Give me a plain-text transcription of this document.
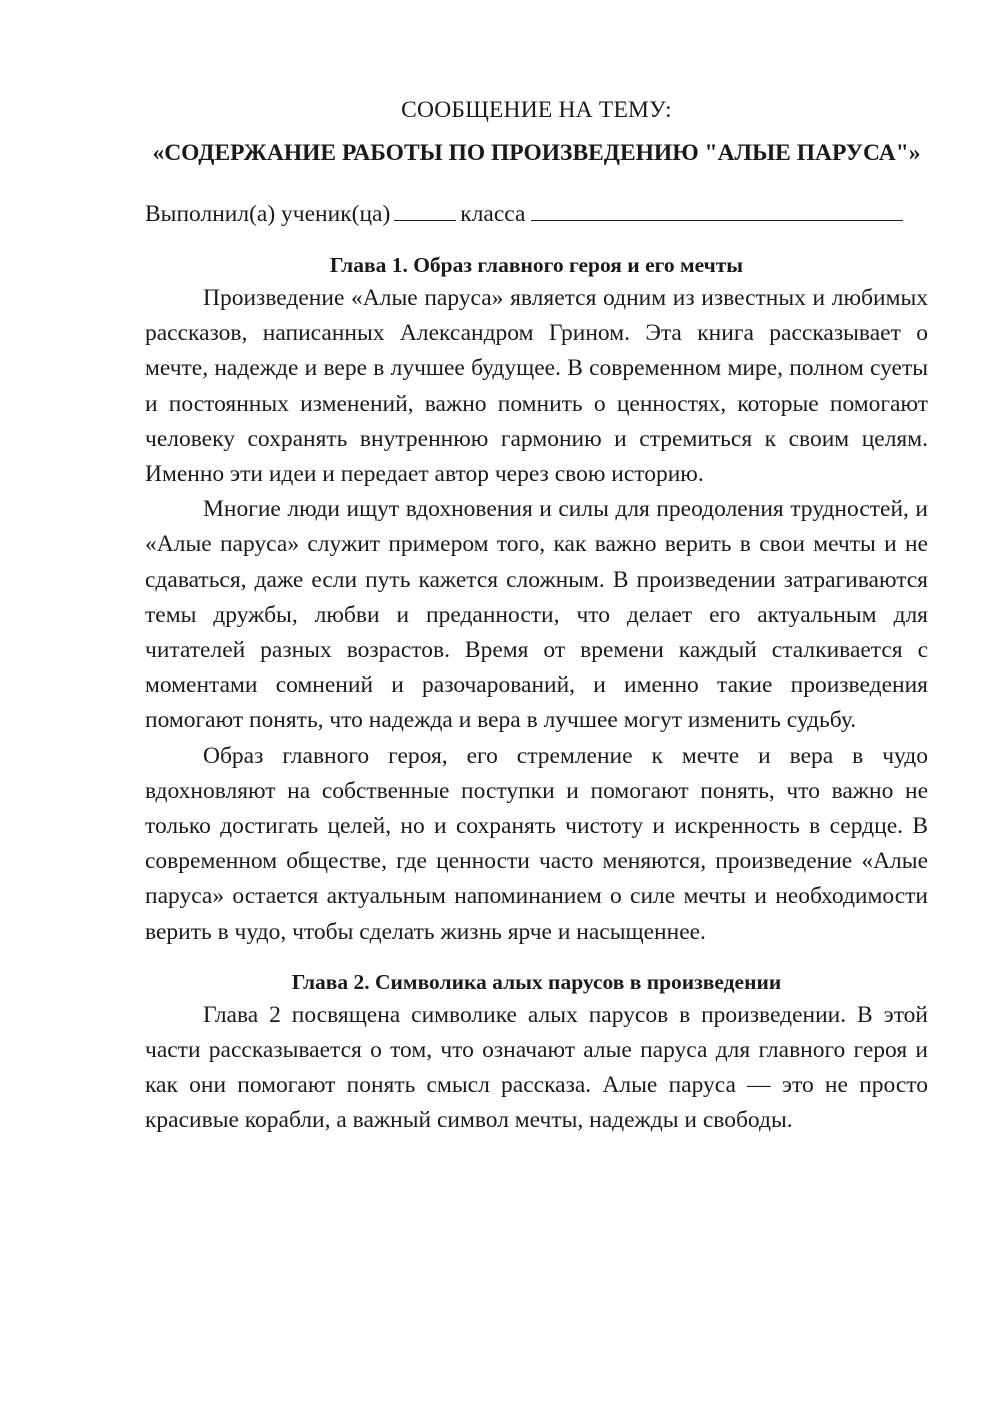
СООБЩЕНИЕ НА ТЕМУ:
«СОДЕРЖАНИЕ РАБОТЫ ПО ПРОИЗВЕДЕНИЮ "АЛЫЕ ПАРУСА"»
Выполнил(а) ученик(ца)	класса
Глава 1. Образ главного героя и его мечты

Произведение «Алые паруса» является одним из известных и любимых рассказов, написанных Александром Грином. Эта книга рассказывает о мечте, надежде и вере в лучшее будущее. В современном мире, полном суеты и постоянных изменений, важно помнить о ценностях, которые помогают человеку сохранять внутреннюю гармонию и стремиться к своим целям. Именно эти идеи и передает автор через свою историю.

Многие люди ищут вдохновения и силы для преодоления трудностей, и «Алые паруса» служит примером того, как важно верить в свои мечты и не сдаваться, даже если путь кажется сложным. В произведении затрагиваются темы дружбы, любви и преданности, что делает его актуальным для читателей разных возрастов. Время от времени каждый сталкивается с моментами сомнений и разочарований, и именно такие произведения помогают понять, что надежда и вера в лучшее могут изменить судьбу.

Образ главного героя, его стремление к мечте и вера в чудо вдохновляют на собственные поступки и помогают понять, что важно не только достигать целей, но и сохранять чистоту и искренность в сердце. В современном обществе, где ценности часто меняются, произведение «Алые паруса» остается актуальным напоминанием о силе мечты и необходимости верить в чудо, чтобы сделать жизнь ярче и насыщеннее.

Глава 2. Символика алых парусов в произведении

Глава 2 посвящена символике алых парусов в произведении. В этой части рассказывается о том, что означают алые паруса для главного героя и как они помогают понять смысл рассказа. Алые паруса — это не просто красивые корабли, а важный символ мечты, надежды и свободы.
